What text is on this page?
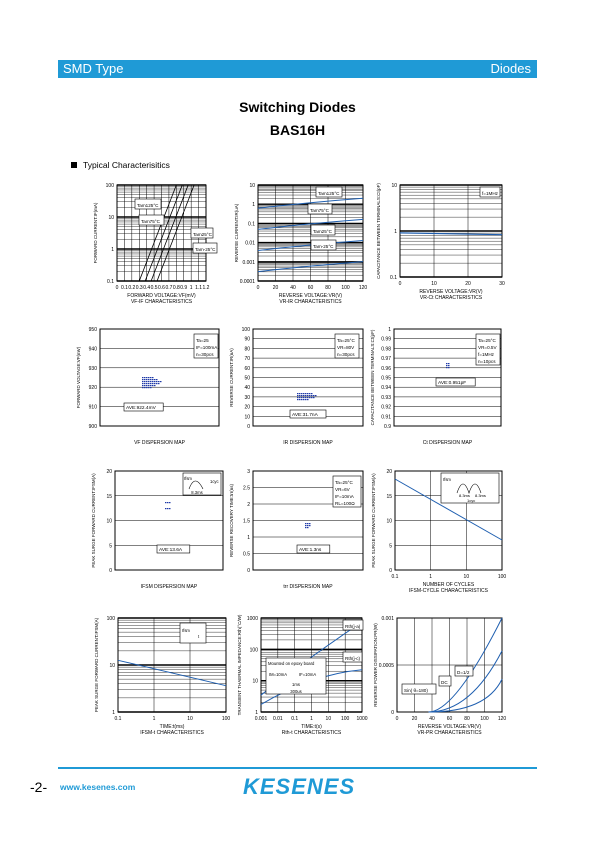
SMD Type	Diodes
Switching Diodes
BAS16H
Typical Characterisitics
100
10
1
0.1
0 0.1 0.2 0.3 0.4 0.5 0.6 0.7 0.8 0.9 1 1.1 1.2
FORWARD CURRENT:IF(mA)
FORWARD VOLTAGE:VF(mV)
VF-IF CHARACTERISTICS
10
1
0.1
0.01
0.001
0.0001
0	20 40 60 80 100 120
REVERSE CURRENT:IR(uA)
REVERSE VOLTAGE:VR(V)
VR-IR CHARACTERISTICS
10
1
0.1
0	10	20	30
CAPACITANCE BETWEEN TERMINALS:Ct(pF)
REVERSE VOLTAGE:VR(V)
VR-Ct CHARACTERISTICS
950
940
930
920
910
900
FORWARD VOLTAGE:VF(mV)
VF DISPERSION MAP
100
90
80
70
60
50
40
30
20
10
0
REVERSE CURRENT:IR(nA)
IR DISPERSION MAP
1
0.99
0.98
0.97
0.96
0.95
0.94
0.93
0.92
0.91
0.9
CAPACITANCE BETWEEN TERMINALS:Ct(pF)
Ct DISPERSION MAP
20
15
10
5
0
PEAK SURGE FORWARD CURRENT:IFSM(A)
IFSM DISPERSION MAP
3
2.5
2
1.5
1
0.5
0
REVERSE RECOVERY TIME:trr(ns)
trr DISPERSION MAP
20
15
10
5
0
0.1	1	10	100
PEAK SURGE FORWARD CURRENT:IFSM(A)
NUMBER OF CYCLES
IFSM-CYCLE CHARACTERISTICS
100
10
1
0.1	1	10	100
PEAK SURGE FORWARD CURRENT:IFSM(A)
TIME:t(ms)
IFSM-t CHARACTERISTICS
1000
100
10
1
0.001 0.01 0.1 1	10 100 1000
TRANSIENT THAERMAL IMPEDANCE:Rth(°C/W)
TIME:t(s)
Rth-t CHARACTERISTICS
0.001
0.0005
0
0	20 40 60 80 100 120
REVERSE POWER DISSIPATION:PR(W)
REVERSE VOLTAGE:VR(V)
VR-PR CHARACTERISTICS
Tam125°C
Tam75°C
Tam25°C
Tam-25°C
Tam125°C
Tam75°C
Tam25°C
Tam-25°C
f=1MHz
Ta=25
IF=100mA
n=30pcs
AVE:922.4mV
Ta=25°C
VR=80V
n=30pcs
AVE:31.7nA
Ta=25°C
VR=0.5V
f=1MHz
n=10pcs
AVE:0.951pF
AVE:13.6A
Ta=25°C
VR=6V
IF=10mA
RL=100Ω
AVE:1.3ns
Ifsm
1cyc
8.3ms
Ifsm
8.3ms 8.3ms
1cyc
Ifsm
t
Rth(j-a)
Rth(j-c)
Mounted on epoxy board
IM=10mA	IF=10mA
1ms
300us
D=1/2
DC
Sin( θ=180)
-2- www.kesenes.com	KESENES
